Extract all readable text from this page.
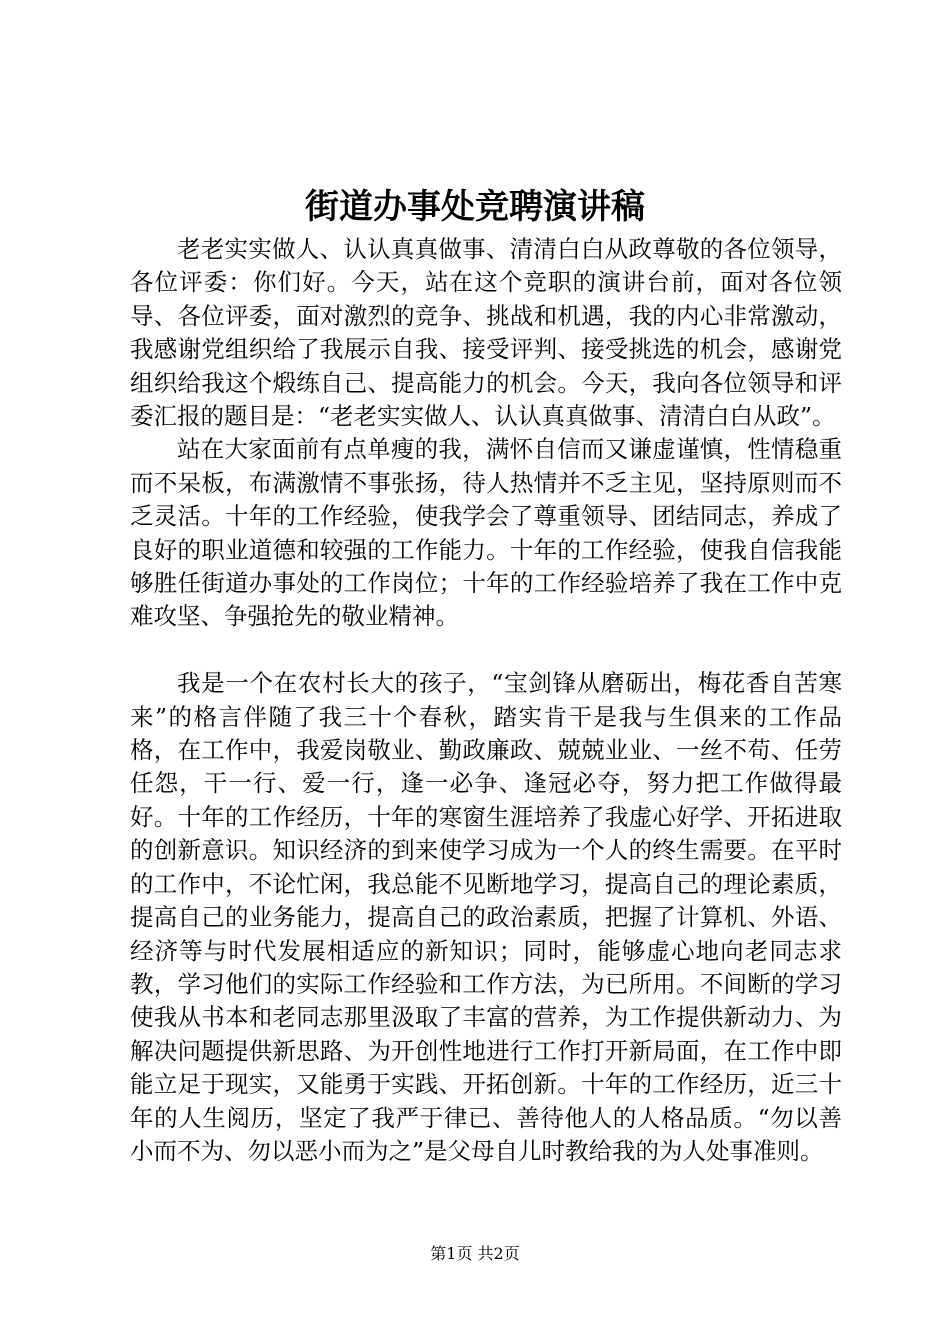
街道办事处竞聘演讲稿

老老实实做人、认认真真做事、清清白白从政尊敬的各位领导，各位评委：你们好。今天，站在这个竞职的演讲台前，面对各位领导、各位评委，面对激烈的竞争、挑战和机遇，我的内心非常激动，我感谢党组织给了我展示自我、接受评判、接受挑选的机会，感谢党组织给我这个煅练自己、提高能力的机会。今天，我向各位领导和评委汇报的题目是：“老老实实做人、认认真真做事、清清白白从政”。

站在大家面前有点单瘦的我，满怀自信而又谦虚谨慎，性情稳重而不呆板，布满激情不事张扬，待人热情并不乏主见，坚持原则而不乏灵活。十年的工作经验，使我学会了尊重领导、团结同志，养成了良好的职业道德和较强的工作能力。十年的工作经验，使我自信我能够胜任街道办事处的工作岗位；十年的工作经验培养了我在工作中克难攻坚、争强抢先的敬业精神。

我是一个在农村长大的孩子，“宝剑锋从磨砺出，梅花香自苦寒来”的格言伴随了我三十个春秋，踏实肯干是我与生俱来的工作品格，在工作中，我爱岗敬业、勤政廉政、兢兢业业、一丝不苟、任劳任怨，干一行、爱一行，逢一必争、逢冠必夺，努力把工作做得最好。十年的工作经历，十年的寒窗生涯培养了我虚心好学、开拓进取的创新意识。知识经济的到来使学习成为一个人的终生需要。在平时的工作中，不论忙闲，我总能不见断地学习，提高自己的理论素质，提高自己的业务能力，提高自己的政治素质，把握了计算机、外语、经济等与时代发展相适应的新知识；同时，能够虚心地向老同志求教，学习他们的实际工作经验和工作方法，为已所用。不间断的学习使我从书本和老同志那里汲取了丰富的营养，为工作提供新动力、为解决问题提供新思路、为开创性地进行工作打开新局面，在工作中即能立足于现实，又能勇于实践、开拓创新。十年的工作经历，近三十年的人生阅历，坚定了我严于律已、善待他人的人格品质。“勿以善小而不为、勿以恶小而为之”是父母自儿时教给我的为人处事准则。

第1页 共2页
